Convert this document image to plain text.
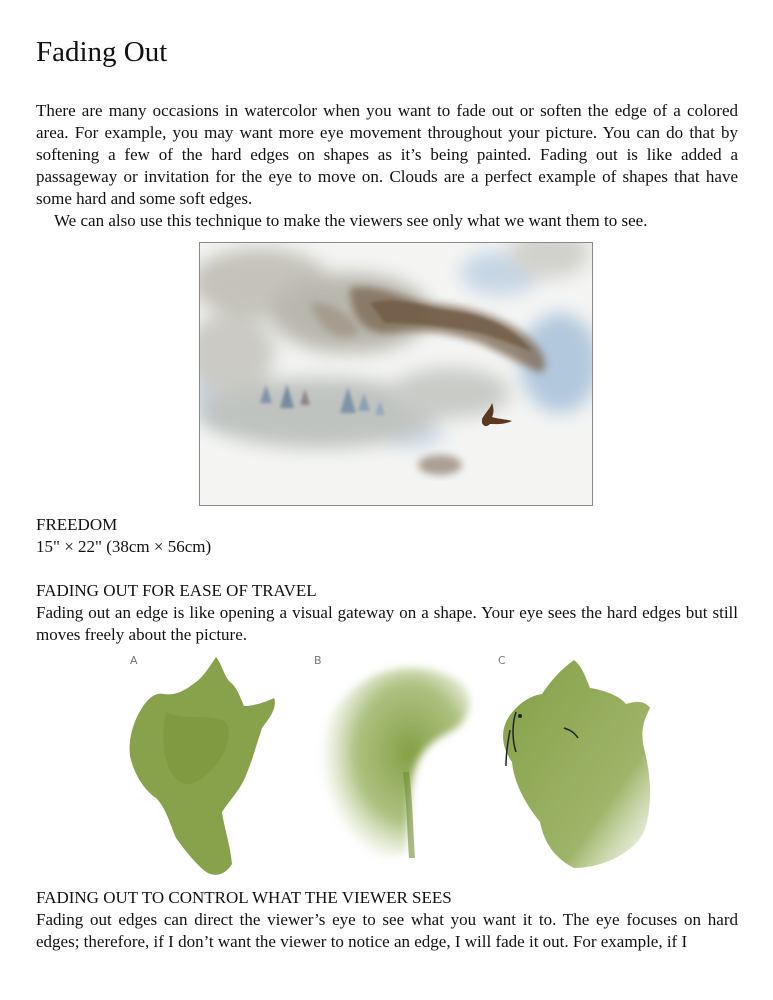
Fading Out

There are many occasions in watercolor when you want to fade out or soften the edge of a colored area. For example, you may want more eye movement throughout your picture. You can do that by softening a few of the hard edges on shapes as it’s being painted. Fading out is like added a passageway or invitation for the eye to move on. Clouds are a perfect example of shapes that have some hard and some soft edges.

We can also use this technique to make the viewers see only what we want them to see.

FREEDOM
15" × 22" (38cm × 56cm)

FADING OUT FOR EASE OF TRAVEL

Fading out an edge is like opening a visual gateway on a shape. Your eye sees the hard edges but still moves freely about the picture.

A	B	C

FADING OUT TO CONTROL WHAT THE VIEWER SEES

Fading out edges can direct the viewer’s eye to see what you want it to. The eye focuses on hard edges; therefore, if I don’t want the viewer to notice an edge, I will fade it out. For example, if I
